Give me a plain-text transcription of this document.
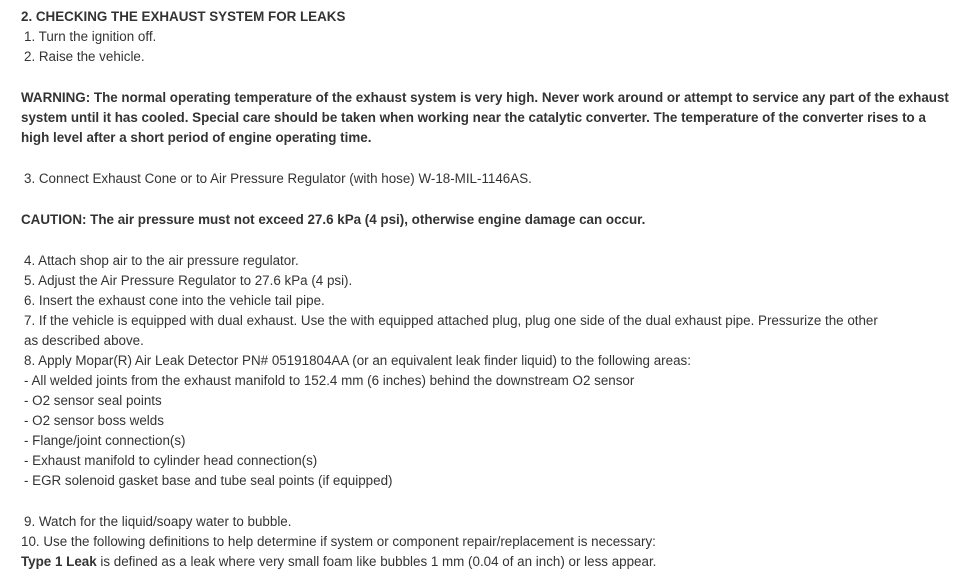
2. CHECKING THE EXHAUST SYSTEM FOR LEAKS
1. Turn the ignition off.
2. Raise the vehicle.
WARNING: The normal operating temperature of the exhaust system is very high. Never work around or attempt to service any part of the exhaust system until it has cooled. Special care should be taken when working near the catalytic converter. The temperature of the converter rises to a high level after a short period of engine operating time.
3. Connect Exhaust Cone or to Air Pressure Regulator (with hose) W-18-MIL-1146AS.
CAUTION: The air pressure must not exceed 27.6 kPa (4 psi), otherwise engine damage can occur.
4. Attach shop air to the air pressure regulator.
5. Adjust the Air Pressure Regulator to 27.6 kPa (4 psi).
6. Insert the exhaust cone into the vehicle tail pipe.
7. If the vehicle is equipped with dual exhaust. Use the with equipped attached plug, plug one side of the dual exhaust pipe. Pressurize the other as described above.
8. Apply Mopar(R) Air Leak Detector PN# 05191804AA (or an equivalent leak finder liquid) to the following areas:
- All welded joints from the exhaust manifold to 152.4 mm (6 inches) behind the downstream O2 sensor
- O2 sensor seal points
- O2 sensor boss welds
- Flange/joint connection(s)
- Exhaust manifold to cylinder head connection(s)
- EGR solenoid gasket base and tube seal points (if equipped)
9. Watch for the liquid/soapy water to bubble.
10. Use the following definitions to help determine if system or component repair/replacement is necessary:
Type 1 Leak is defined as a leak where very small foam like bubbles 1 mm (0.04 of an inch) or less appear.
